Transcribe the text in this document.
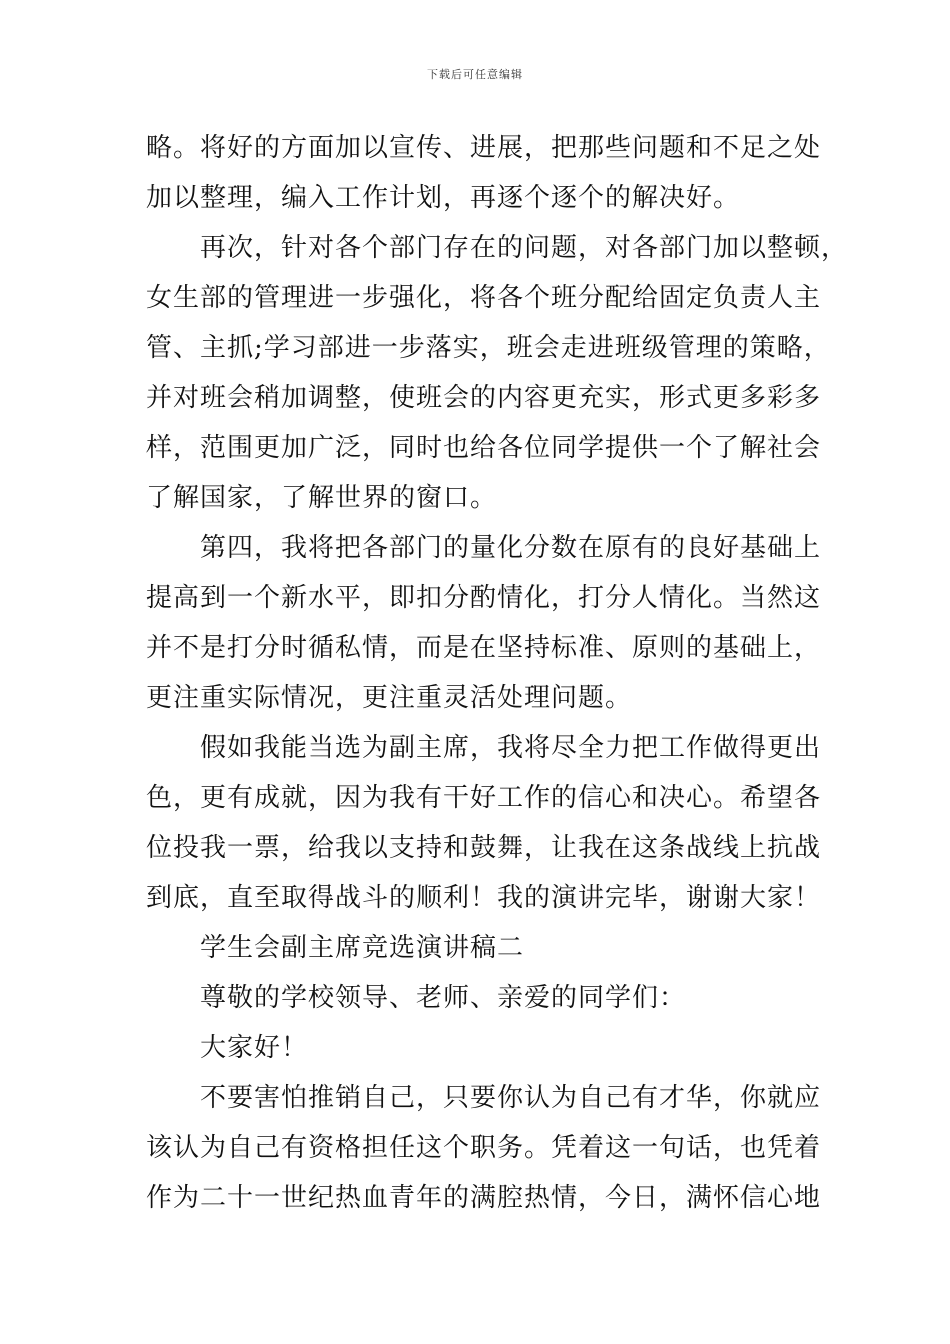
下载后可任意编辑
略。将好的方面加以宣传、进展，把那些问题和不足之处
加以整理，编入工作计划，再逐个逐个的解决好。
再次，针对各个部门存在的问题，对各部门加以整顿，
女生部的管理进一步强化，将各个班分配给固定负责人主
管、主抓;学习部进一步落实，班会走进班级管理的策略，
并对班会稍加调整，使班会的内容更充实，形式更多彩多
样，范围更加广泛，同时也给各位同学提供一个了解社会
了解国家，了解世界的窗口。
第四，我将把各部门的量化分数在原有的良好基础上
提高到一个新水平，即扣分酌情化，打分人情化。当然这
并不是打分时循私情，而是在坚持标准、原则的基础上，
更注重实际情况，更注重灵活处理问题。
假如我能当选为副主席，我将尽全力把工作做得更出
色，更有成就，因为我有干好工作的信心和决心。希望各
位投我一票，给我以支持和鼓舞，让我在这条战线上抗战
到底，直至取得战斗的顺利！我的演讲完毕，谢谢大家！
学生会副主席竞选演讲稿二
尊敬的学校领导、老师、亲爱的同学们：
大家好！
不要害怕推销自己，只要你认为自己有才华，你就应
该认为自己有资格担任这个职务。凭着这一句话，也凭着
作为二十一世纪热血青年的满腔热情，今日，满怀信心地
